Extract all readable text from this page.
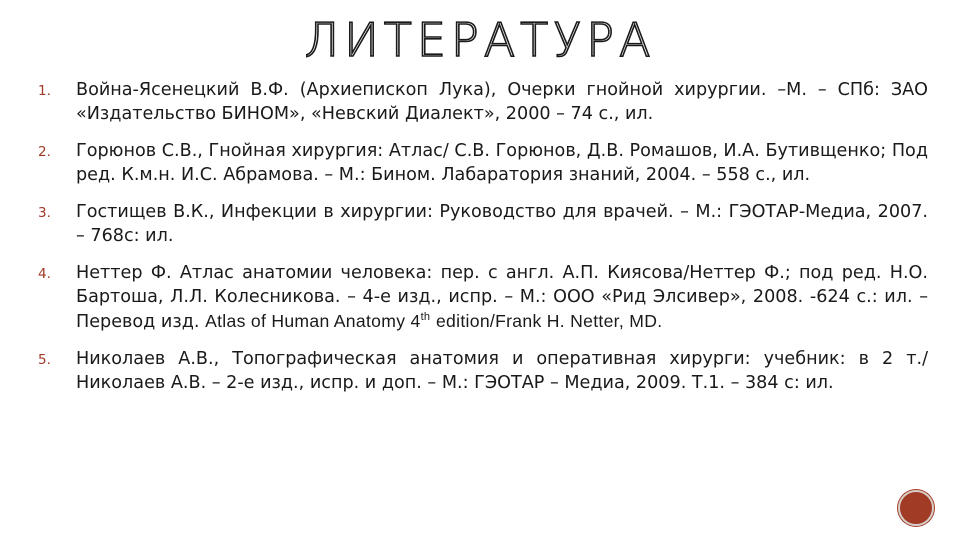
ЛИТЕРАТУРА
1. Война-Ясенецкий В.Ф. (Архиепископ Лука), Очерки гнойной хирургии. –М. – СПб: ЗАО «Издательство БИНОМ», «Невский Диалект», 2000 – 74 с., ил.
2. Горюнов С.В., Гнойная хирургия: Атлас/ С.В. Горюнов, Д.В. Ромашов, И.А. Бутивщенко; Под ред. К.м.н. И.С. Абрамова. – М.: Бином. Лабаратория знаний, 2004. – 558 с., ил.
3. Гостищев В.К., Инфекции в хирургии: Руководство для врачей. – М.: ГЭОТАР-Медиа, 2007. – 768с: ил.
4. Неттер Ф. Атлас анатомии человека: пер. с англ. А.П. Киясова/Неттер Ф.; под ред. Н.О. Бартоша, Л.Л. Колесникова. – 4-е изд., испр. – М.: ООО «Рид Элсивер», 2008. -624 с.: ил. – Перевод изд. Atlas of Human Anatomy 4th edition/Frank H. Netter, MD.
5. Николаев А.В., Топографическая анатомия и оперативная хирурги: учебник: в 2 т./Николаев А.В. – 2-е изд., испр. и доп. – М.: ГЭОТАР – Медиа, 2009. Т.1. – 384 с: ил.
